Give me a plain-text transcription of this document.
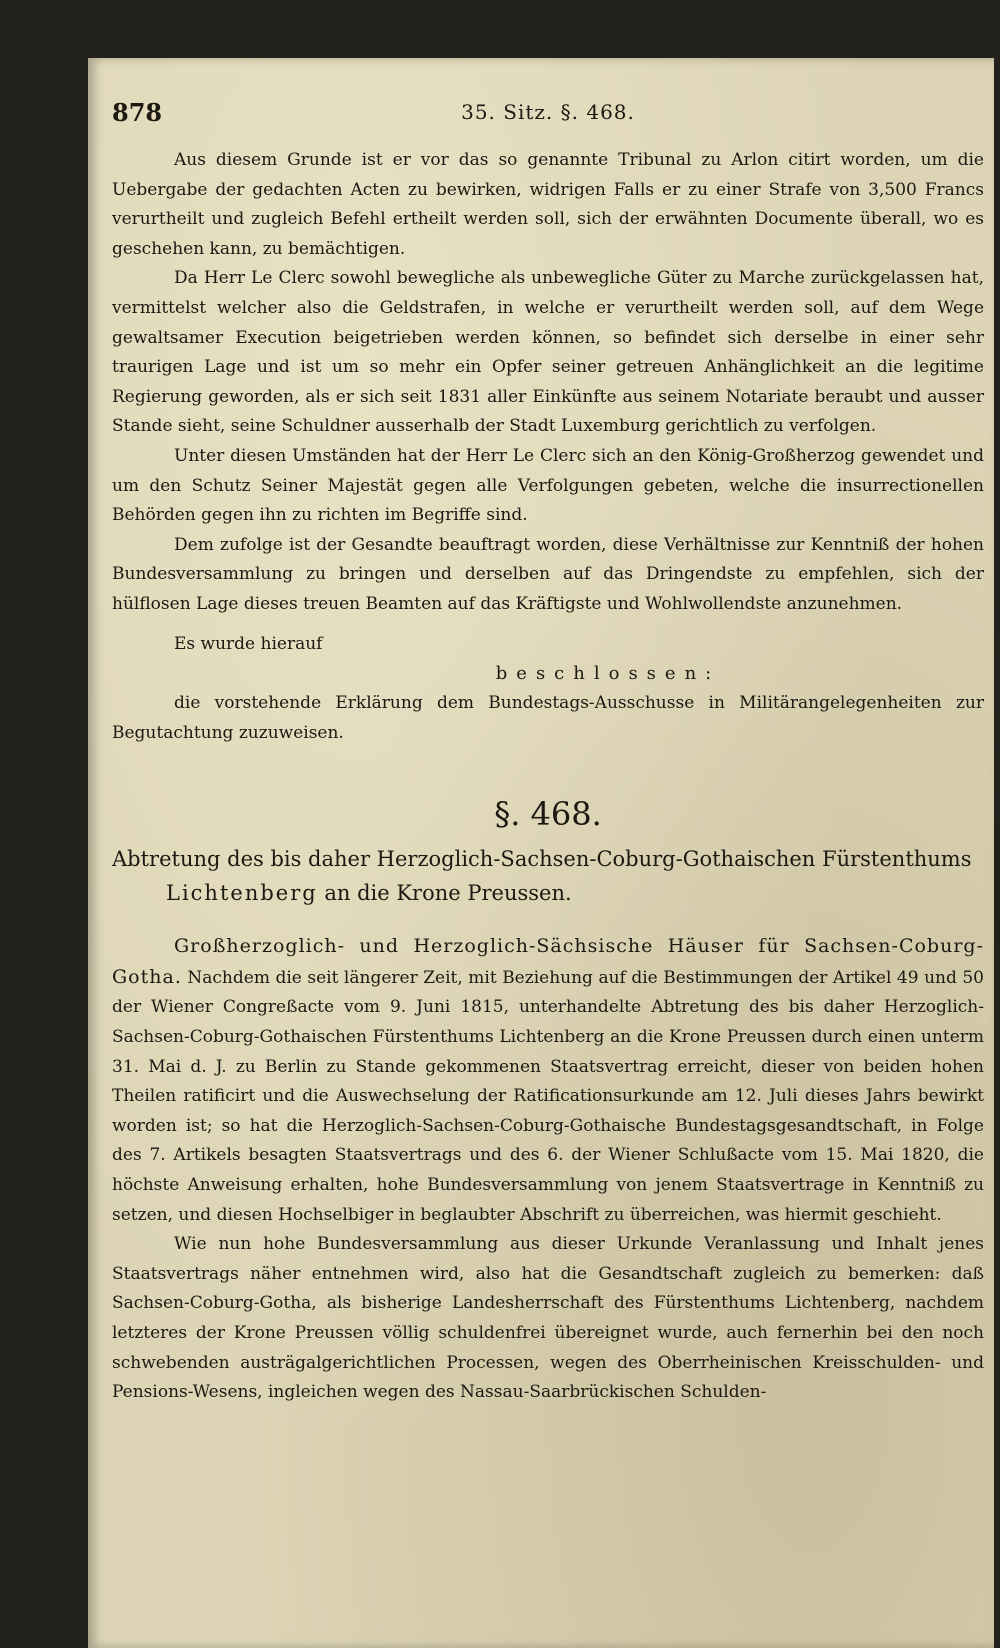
878	35. Sitz. §. 468.

Aus diesem Grunde ist er vor das so genannte Tribunal zu Arlon citirt worden, um die Uebergabe der gedachten Acten zu bewirken, widrigen Falls er zu einer Strafe von 3,500 Francs verurtheilt und zugleich Befehl ertheilt werden soll, sich der erwähnten Documente überall, wo es geschehen kann, zu bemächtigen.

Da Herr Le Clerc sowohl bewegliche als unbewegliche Güter zu Marche zurückgelassen hat, vermittelst welcher also die Geldstrafen, in welche er verurtheilt werden soll, auf dem Wege gewaltsamer Execution beigetrieben werden können, so befindet sich derselbe in einer sehr traurigen Lage und ist um so mehr ein Opfer seiner getreuen Anhänglichkeit an die legitime Regierung geworden, als er sich seit 1831 aller Einkünfte aus seinem Notariate beraubt und ausser Stande sieht, seine Schuldner ausserhalb der Stadt Luxemburg gerichtlich zu verfolgen.

Unter diesen Umständen hat der Herr Le Clerc sich an den König-Großherzog gewendet und um den Schutz Seiner Majestät gegen alle Verfolgungen gebeten, welche die insurrectionellen Behörden gegen ihn zu richten im Begriffe sind.

Dem zufolge ist der Gesandte beauftragt worden, diese Verhältnisse zur Kenntniß der hohen Bundesversammlung zu bringen und derselben auf das Dringendste zu empfehlen, sich der hülflosen Lage dieses treuen Beamten auf das Kräftigste und Wohlwollendste anzunehmen.

Es wurde hierauf

beschlossen:

die vorstehende Erklärung dem Bundestags-Ausschusse in Militärangelegenheiten zur Begutachtung zuzuweisen.

§. 468.
Abtretung des bis daher Herzoglich-Sachsen-Coburg-Gothaischen Fürstenthums
Lichtenberg an die Krone Preussen.

Großherzoglich- und Herzoglich-Sächsische Häuser für Sachsen-Coburg-Gotha. Nachdem die seit längerer Zeit, mit Beziehung auf die Bestimmungen der Artikel 49 und 50 der Wiener Congreßacte vom 9. Juni 1815, unterhandelte Abtretung des bis daher Herzoglich-Sachsen-Coburg-Gothaischen Fürstenthums Lichtenberg an die Krone Preussen durch einen unterm 31. Mai d. J. zu Berlin zu Stande gekommenen Staatsvertrag erreicht, dieser von beiden hohen Theilen ratificirt und die Auswechselung der Ratificationsurkunde am 12. Juli dieses Jahrs bewirkt worden ist; so hat die Herzoglich-Sachsen-Coburg-Gothaische Bundestagsgesandtschaft, in Folge des 7. Artikels besagten Staatsvertrags und des 6. der Wiener Schlußacte vom 15. Mai 1820, die höchste Anweisung erhalten, hohe Bundesversammlung von jenem Staatsvertrage in Kenntniß zu setzen, und diesen Hochselbiger in beglaubter Abschrift zu überreichen, was hiermit geschieht.

Wie nun hohe Bundesversammlung aus dieser Urkunde Veranlassung und Inhalt jenes Staatsvertrags näher entnehmen wird, also hat die Gesandtschaft zugleich zu bemerken: daß Sachsen-Coburg-Gotha, als bisherige Landesherrschaft des Fürstenthums Lichtenberg, nachdem letzteres der Krone Preussen völlig schuldenfrei übereignet wurde, auch fernerhin bei den noch schwebenden austrägalgerichtlichen Processen, wegen des Oberrheinischen Kreisschulden- und Pensions-Wesens, ingleichen wegen des Nassau-Saarbrückischen Schulden-
